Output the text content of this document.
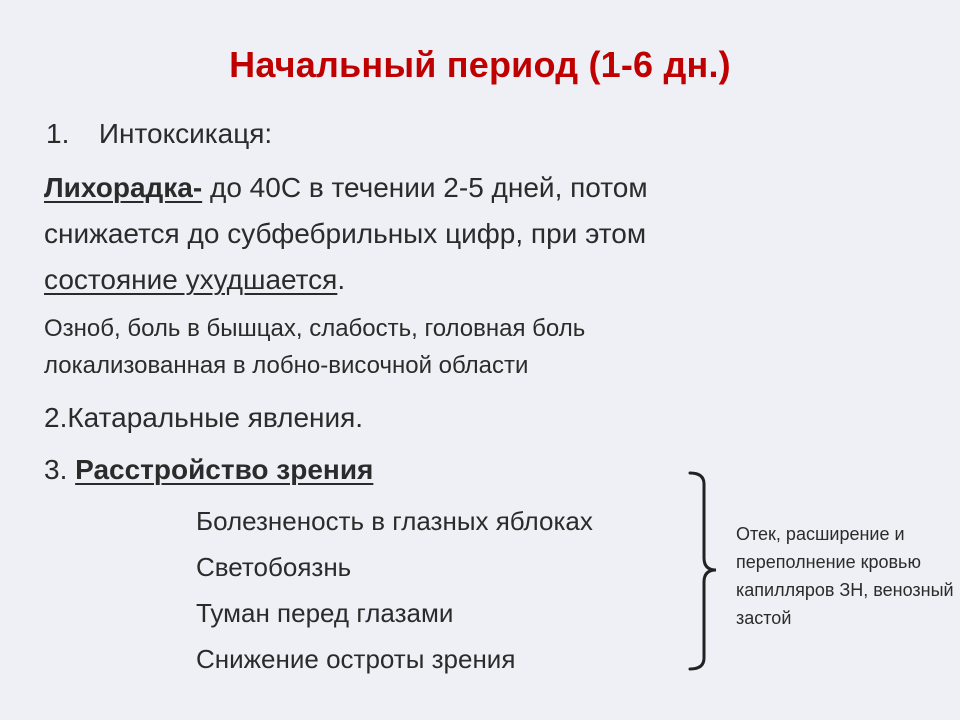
Начальный период (1-6 дн.)
1. Интоксикаця:
Лихорадка- до 40С в течении 2-5 дней, потом
снижается до субфебрильных цифр, при этом
состояние ухудшается.
Озноб, боль в бышцах, слабость, головная боль
локализованная в лобно-височной области
2.Катаральные явления.
3. Расстройство зрения
Болезненость в глазных яблоках
Светобоязнь
Туман перед глазами
Снижение остроты зрения
Отек, расширение и переполнение кровью капилляров ЗН, венозный застой
